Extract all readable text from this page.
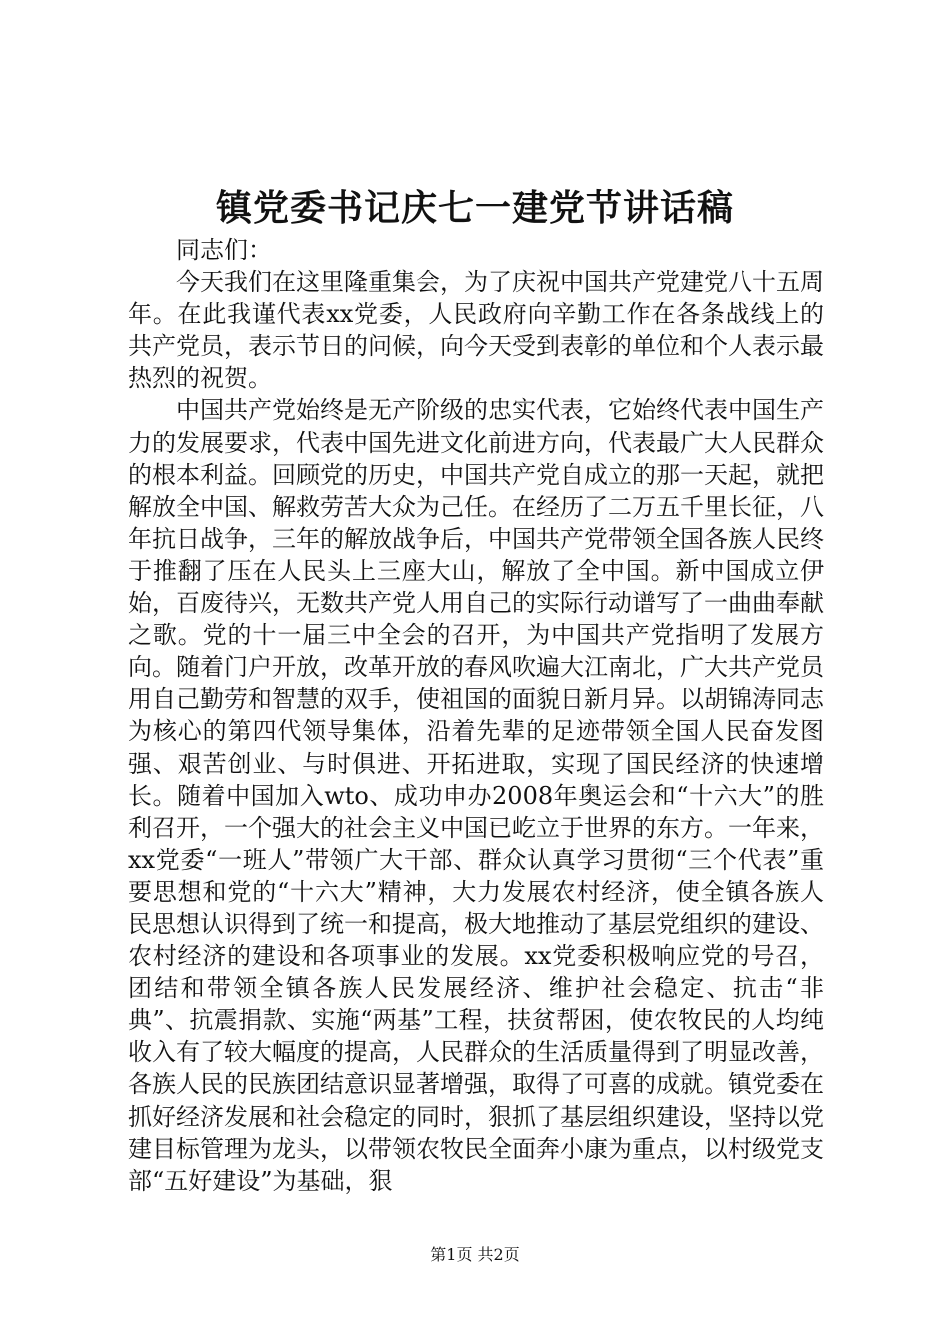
镇党委书记庆七一建党节讲话稿

同志们：

今天我们在这里隆重集会，为了庆祝中国共产党建党八十五周年。在此我谨代表xx党委，人民政府向辛勤工作在各条战线上的共产党员，表示节日的问候，向今天受到表彰的单位和个人表示最热烈的祝贺。

中国共产党始终是无产阶级的忠实代表，它始终代表中国生产力的发展要求，代表中国先进文化前进方向，代表最广大人民群众的根本利益。回顾党的历史，中国共产党自成立的那一天起，就把解放全中国、解救劳苦大众为己任。在经历了二万五千里长征，八年抗日战争，三年的解放战争后，中国共产党带领全国各族人民终于推翻了压在人民头上三座大山，解放了全中国。新中国成立伊始，百废待兴，无数共产党人用自己的实际行动谱写了一曲曲奉献之歌。党的十一届三中全会的召开，为中国共产党指明了发展方向。随着门户开放，改革开放的春风吹遍大江南北，广大共产党员用自己勤劳和智慧的双手，使祖国的面貌日新月异。以胡锦涛同志为核心的第四代领导集体，沿着先辈的足迹带领全国人民奋发图强、艰苦创业、与时俱进、开拓进取，实现了国民经济的快速增长。随着中国加入wto、成功申办2008年奥运会和“十六大”的胜利召开，一个强大的社会主义中国已屹立于世界的东方。一年来，xx党委“一班人”带领广大干部、群众认真学习贯彻“三个代表”重要思想和党的“十六大”精神，大力发展农村经济，使全镇各族人民思想认识得到了统一和提高，极大地推动了基层党组织的建设、农村经济的建设和各项事业的发展。xx党委积极响应党的号召，团结和带领全镇各族人民发展经济、维护社会稳定、抗击“非典”、抗震捐款、实施“两基”工程，扶贫帮困，使农牧民的人均纯收入有了较大幅度的提高，人民群众的生活质量得到了明显改善，各族人民的民族团结意识显著增强，取得了可喜的成就。镇党委在抓好经济发展和社会稳定的同时，狠抓了基层组织建设，坚持以党建目标管理为龙头，以带领农牧民全面奔小康为重点，以村级党支部“五好建设”为基础，狠

第1页 共2页
